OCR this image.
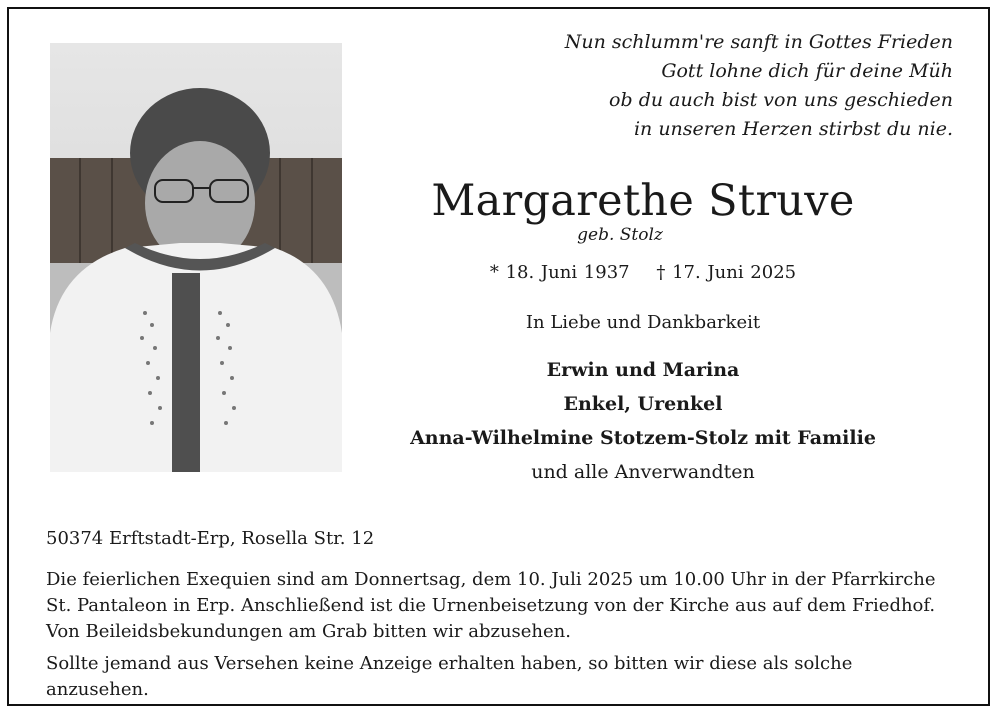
Nun schlumm're sanft in Gottes Frieden
Gott lohne dich für deine Müh
ob du auch bist von uns geschieden
in unseren Herzen stirbst du nie.
Margarethe Struve
geb. Stolz
* 18. Juni 1937 † 17. Juni 2025
In Liebe und Dankbarkeit
Erwin und Marina
Enkel, Urenkel
Anna-Wilhelmine Stotzem-Stolz mit Familie
und alle Anverwandten
50374 Erftstadt-Erp, Rosella Str. 12

Die feierlichen Exequien sind am Donnertsag, dem 10. Juli 2025 um 10.00 Uhr in der Pfarrkirche

St. Pantaleon in Erp. Anschließend ist die Urnenbeisetzung von der Kirche aus auf dem Friedhof.

Von Beileidsbekundungen am Grab bitten wir abzusehen.

Sollte jemand aus Versehen keine Anzeige erhalten haben, so bitten wir diese als solche anzusehen.
